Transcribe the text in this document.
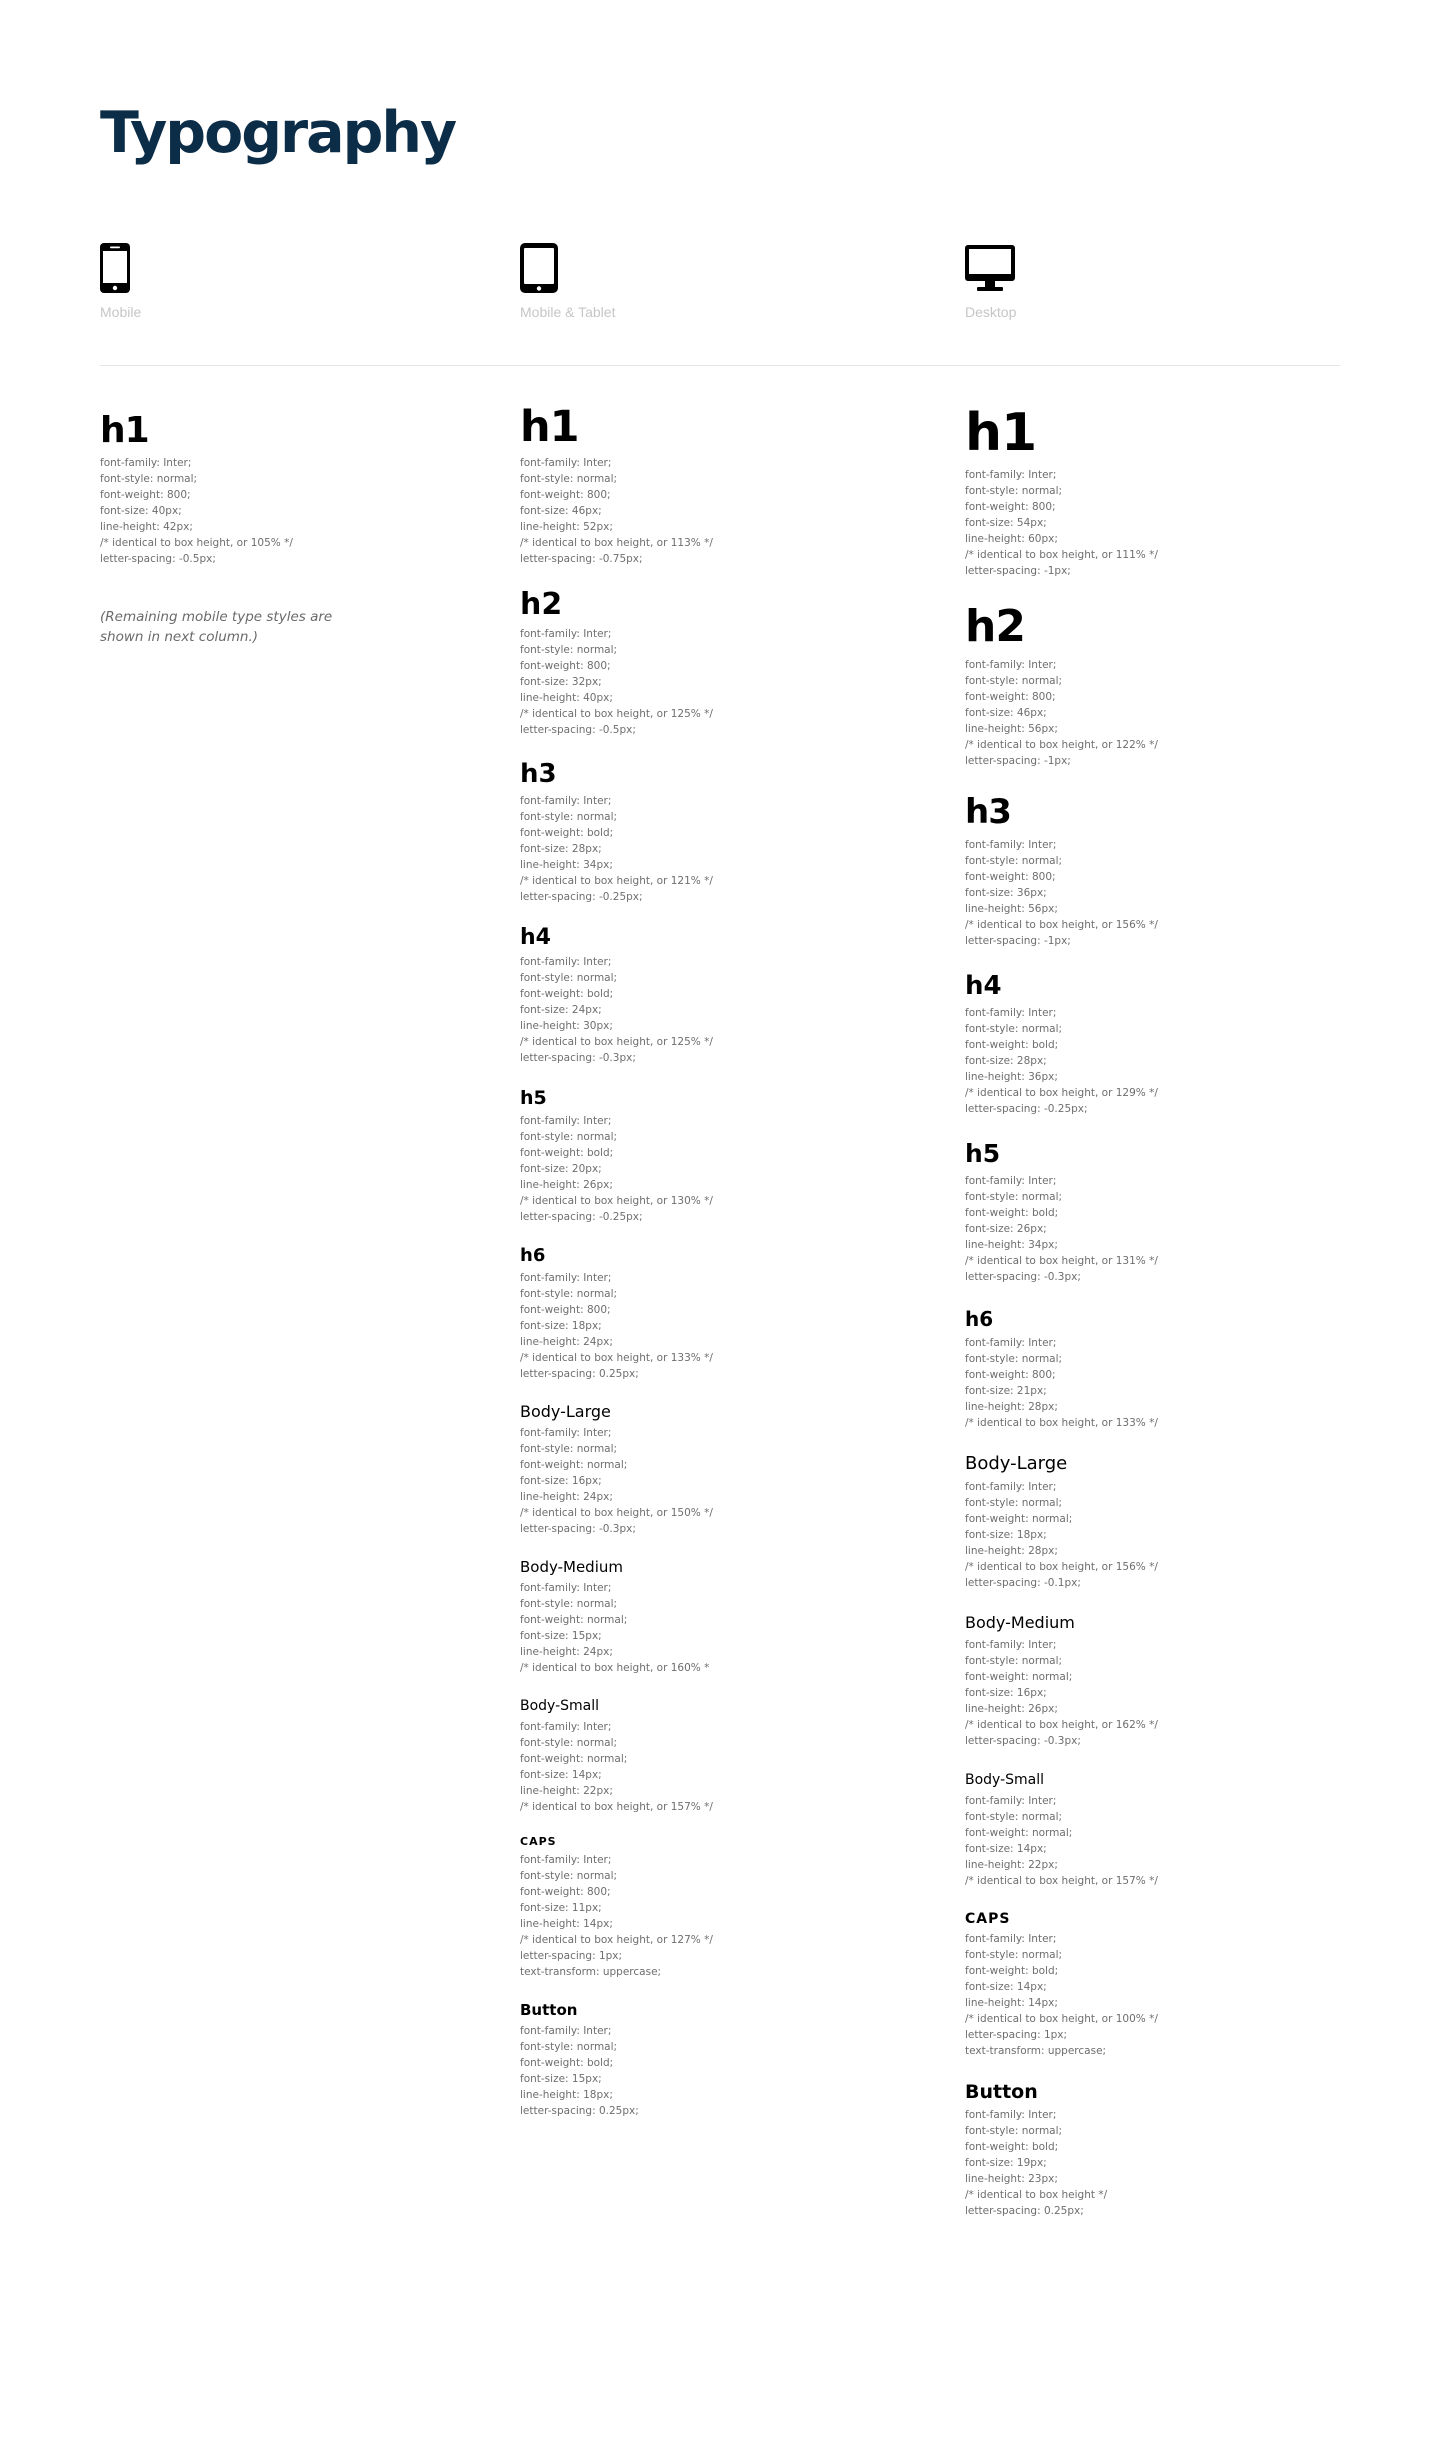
Typography
Mobile	Mobile & Tablet	Desktop
h1
font-family: Inter;
font-style: normal;
font-weight: 800;
font-size: 40px;
line-height: 42px;
/* identical to box height, or 105% */
letter-spacing: -0.5px;
(Remaining mobile type styles are shown in next column.)
h1
font-family: Inter;
font-style: normal;
font-weight: 800;
font-size: 46px;
line-height: 52px;
/* identical to box height, or 113% */
letter-spacing: -0.75px;
h2
font-family: Inter;
font-style: normal;
font-weight: 800;
font-size: 32px;
line-height: 40px;
/* identical to box height, or 125% */
letter-spacing: -0.5px;
h3
font-family: Inter;
font-style: normal;
font-weight: bold;
font-size: 28px;
line-height: 34px;
/* identical to box height, or 121% */
letter-spacing: -0.25px;
h4
font-family: Inter;
font-style: normal;
font-weight: bold;
font-size: 24px;
line-height: 30px;
/* identical to box height, or 125% */
letter-spacing: -0.3px;
h5
font-family: Inter;
font-style: normal;
font-weight: bold;
font-size: 20px;
line-height: 26px;
/* identical to box height, or 130% */
letter-spacing: -0.25px;
h6
font-family: Inter;
font-style: normal;
font-weight: 800;
font-size: 18px;
line-height: 24px;
/* identical to box height, or 133% */
letter-spacing: 0.25px;
Body-Large
font-family: Inter;
font-style: normal;
font-weight: normal;
font-size: 16px;
line-height: 24px;
/* identical to box height, or 150% */
letter-spacing: -0.3px;
Body-Medium
font-family: Inter;
font-style: normal;
font-weight: normal;
font-size: 15px;
line-height: 24px;
/* identical to box height, or 160% *
Body-Small
font-family: Inter;
font-style: normal;
font-weight: normal;
font-size: 14px;
line-height: 22px;
/* identical to box height, or 157% */
CAPS
font-family: Inter;
font-style: normal;
font-weight: 800;
font-size: 11px;
line-height: 14px;
/* identical to box height, or 127% */
letter-spacing: 1px;
text-transform: uppercase;
Button
font-family: Inter;
font-style: normal;
font-weight: bold;
font-size: 15px;
line-height: 18px;
letter-spacing: 0.25px;
h1
font-family: Inter;
font-style: normal;
font-weight: 800;
font-size: 54px;
line-height: 60px;
/* identical to box height, or 111% */
letter-spacing: -1px;
h2
font-family: Inter;
font-style: normal;
font-weight: 800;
font-size: 46px;
line-height: 56px;
/* identical to box height, or 122% */
letter-spacing: -1px;
h3
font-family: Inter;
font-style: normal;
font-weight: 800;
font-size: 36px;
line-height: 56px;
/* identical to box height, or 156% */
letter-spacing: -1px;
h4
font-family: Inter;
font-style: normal;
font-weight: bold;
font-size: 28px;
line-height: 36px;
/* identical to box height, or 129% */
letter-spacing: -0.25px;
h5
font-family: Inter;
font-style: normal;
font-weight: bold;
font-size: 26px;
line-height: 34px;
/* identical to box height, or 131% */
letter-spacing: -0.3px;
h6
font-family: Inter;
font-style: normal;
font-weight: 800;
font-size: 21px;
line-height: 28px;
/* identical to box height, or 133% */
Body-Large
font-family: Inter;
font-style: normal;
font-weight: normal;
font-size: 18px;
line-height: 28px;
/* identical to box height, or 156% */
letter-spacing: -0.1px;
Body-Medium
font-family: Inter;
font-style: normal;
font-weight: normal;
font-size: 16px;
line-height: 26px;
/* identical to box height, or 162% */
letter-spacing: -0.3px;
Body-Small
font-family: Inter;
font-style: normal;
font-weight: normal;
font-size: 14px;
line-height: 22px;
/* identical to box height, or 157% */
CAPS
font-family: Inter;
font-style: normal;
font-weight: bold;
font-size: 14px;
line-height: 14px;
/* identical to box height, or 100% */
letter-spacing: 1px;
text-transform: uppercase;
Button
font-family: Inter;
font-style: normal;
font-weight: bold;
font-size: 19px;
line-height: 23px;
/* identical to box height */
letter-spacing: 0.25px;
